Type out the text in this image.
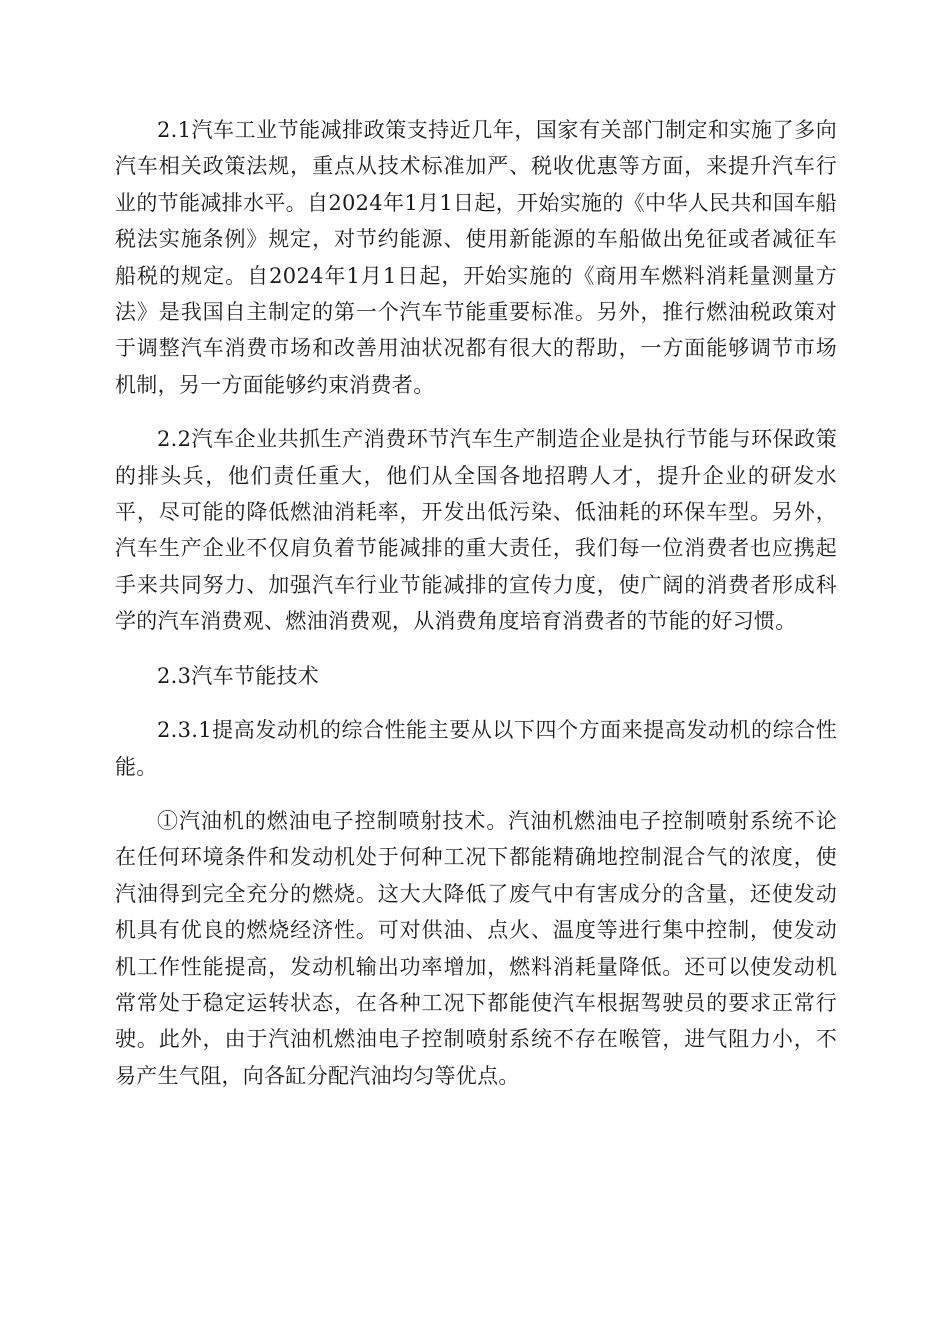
2.1汽车工业节能减排政策支持近几年，国家有关部门制定和实施了多向汽车相关政策法规，重点从技术标准加严、税收优惠等方面，来提升汽车行业的节能减排水平。自2024年1月1日起，开始实施的《中华人民共和国车船税法实施条例》规定，对节约能源、使用新能源的车船做出免征或者减征车船税的规定。自2024年1月1日起，开始实施的《商用车燃料消耗量测量方法》是我国自主制定的第一个汽车节能重要标准。另外，推行燃油税政策对于调整汽车消费市场和改善用油状况都有很大的帮助，一方面能够调节市场机制，另一方面能够约束消费者。

2.2汽车企业共抓生产消费环节汽车生产制造企业是执行节能与环保政策的排头兵，他们责任重大，他们从全国各地招聘人才，提升企业的研发水平，尽可能的降低燃油消耗率，开发出低污染、低油耗的环保车型。另外，汽车生产企业不仅肩负着节能减排的重大责任，我们每一位消费者也应携起手来共同努力、加强汽车行业节能减排的宣传力度，使广阔的消费者形成科学的汽车消费观、燃油消费观，从消费角度培育消费者的节能的好习惯。

2.3汽车节能技术

2.3.1提高发动机的综合性能主要从以下四个方面来提高发动机的综合性能。

①汽油机的燃油电子控制喷射技术。汽油机燃油电子控制喷射系统不论在任何环境条件和发动机处于何种工况下都能精确地控制混合气的浓度，使汽油得到完全充分的燃烧。这大大降低了废气中有害成分的含量，还使发动机具有优良的燃烧经济性。可对供油、点火、温度等进行集中控制，使发动机工作性能提高，发动机输出功率增加，燃料消耗量降低。还可以使发动机常常处于稳定运转状态，在各种工况下都能使汽车根据驾驶员的要求正常行驶。此外，由于汽油机燃油电子控制喷射系统不存在喉管，进气阻力小，不易产生气阻，向各缸分配汽油均匀等优点。
